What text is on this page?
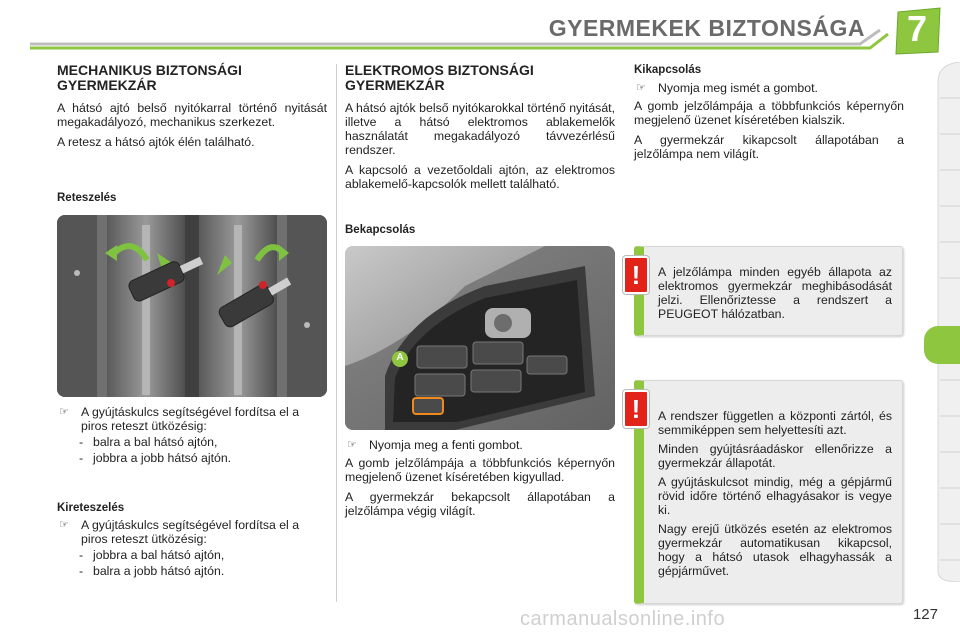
GYERMEKEK BIZTONSÁGA	7
MECHANIKUS BIZTONSÁGI GYERMEKZÁR

A hátsó ajtó belső nyitókarral történő nyitását megakadályozó, mechanikus szerkezet.

A retesz a hátsó ajtók élén található.

Reteszelés
☞ A gyújtáskulcs segítségével fordítsa el a piros reteszt ütközésig:
- balra a bal hátsó ajtón,
- jobbra a jobb hátsó ajtón.
Kireteszelés
☞ A gyújtáskulcs segítségével fordítsa el a piros reteszt ütközésig:
- jobbra a bal hátsó ajtón,
- balra a jobb hátsó ajtón.
ELEKTROMOS BIZTONSÁGI GYERMEKZÁR

A hátsó ajtók belső nyitókarokkal történő nyitását, illetve a hátsó elektromos ablakemelők használatát megakadályozó távvezérlésű rendszer.

A kapcsoló a vezetőoldali ajtón, az elektromos ablakemelő-kapcsolók mellett található.

Bekapcsolás
A
☞ Nyomja meg a fenti gombot.

A gomb jelzőlámpája a többfunkciós képernyőn megjelenő üzenet kíséretében kigyullad.

A gyermekzár bekapcsolt állapotában a jelzőlámpa végig világít.

Kikapcsolás
☞ Nyomja meg ismét a gombot.

A gomb jelzőlámpája a többfunkciós képernyőn megjelenő üzenet kíséretében kialszik.

A gyermekzár kikapcsolt állapotában a jelzőlámpa nem világít.

A jelzőlámpa minden egyéb állapota az elektromos gyermekzár meghibásodását jelzi. Ellenőriztesse a rendszert a PEUGEOT hálózatban.

!

A rendszer független a központi zártól, és semmiképpen sem helyettesíti azt.

Minden gyújtásráadáskor ellenőrizze a gyermekzár állapotát.

A gyújtáskulcsot mindig, még a gépjármű rövid időre történő elhagyásakor is vegye ki.

Nagy erejű ütközés esetén az elektromos gyermekzár automatikusan kikapcsol, hogy a hátsó utasok elhagyhassák a gépjárművet.

!
carmanualsonline.info	127
